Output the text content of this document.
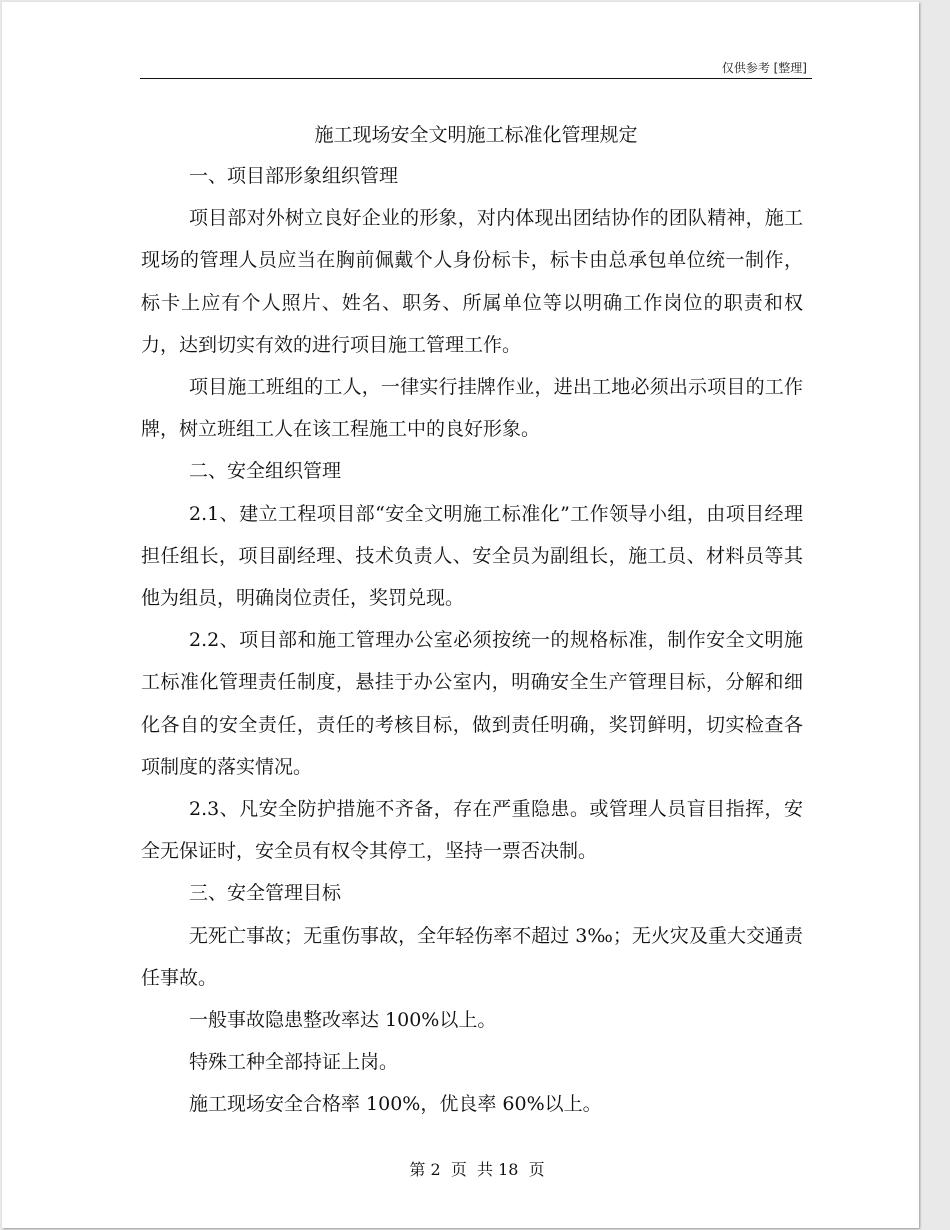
仅供参考 [整理]
施工现场安全文明施工标准化管理规定

一、项目部形象组织管理

项目部对外树立良好企业的形象，对内体现出团结协作的团队精神，施工现场的管理人员应当在胸前佩戴个人身份标卡，标卡由总承包单位统一制作，标卡上应有个人照片、姓名、职务、所属单位等以明确工作岗位的职责和权力，达到切实有效的进行项目施工管理工作。

项目施工班组的工人，一律实行挂牌作业，进出工地必须出示项目的工作牌，树立班组工人在该工程施工中的良好形象。

二、安全组织管理

2.1、建立工程项目部“安全文明施工标准化”工作领导小组，由项目经理担任组长，项目副经理、技术负责人、安全员为副组长，施工员、材料员等其他为组员，明确岗位责任，奖罚兑现。

2.2、项目部和施工管理办公室必须按统一的规格标准，制作安全文明施工标准化管理责任制度，悬挂于办公室内，明确安全生产管理目标，分解和细化各自的安全责任，责任的考核目标，做到责任明确，奖罚鲜明，切实检查各项制度的落实情况。

2.3、凡安全防护措施不齐备，存在严重隐患。或管理人员盲目指挥，安全无保证时，安全员有权令其停工，坚持一票否决制。

三、安全管理目标

无死亡事故；无重伤事故，全年轻伤率不超过 3‰；无火灾及重大交通责任事故。

一般事故隐患整改率达 100%以上。

特殊工种全部持证上岗。

施工现场安全合格率 100%，优良率 60%以上。

第 2  页  共 18  页
